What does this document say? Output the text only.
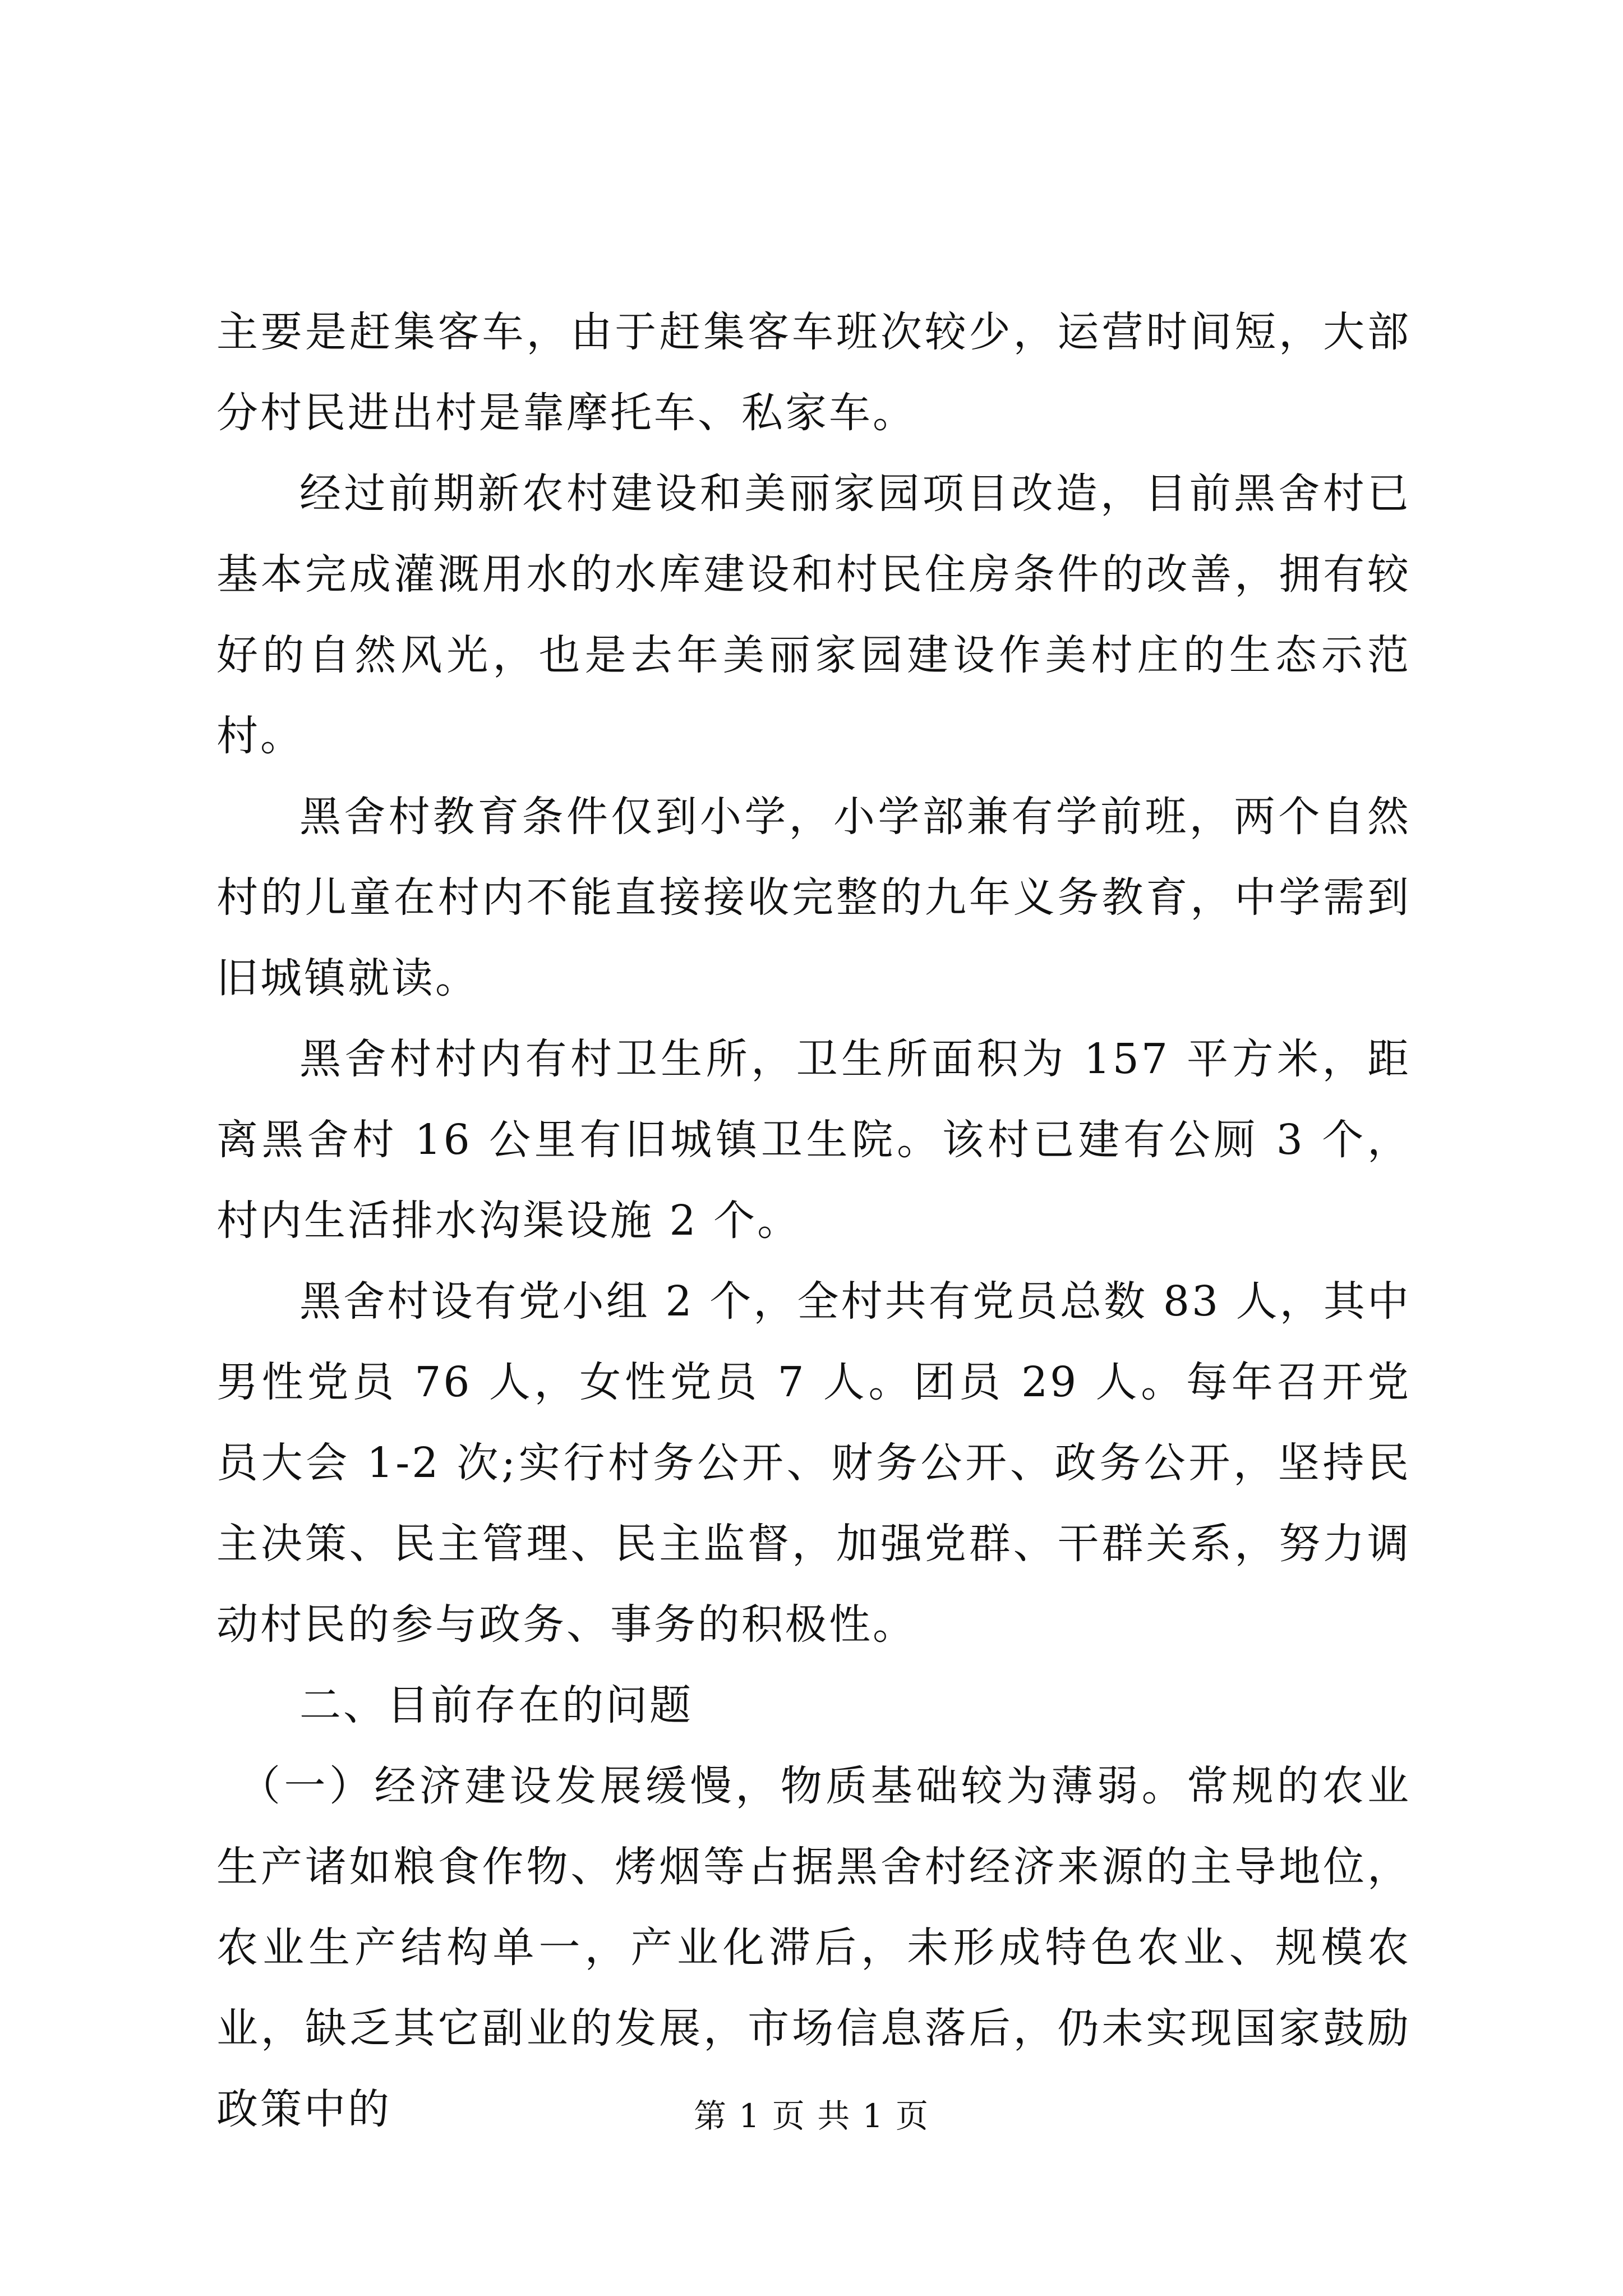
主要是赶集客车，由于赶集客车班次较少，运营时间短，大部分村民进出村是靠摩托车、私家车。

经过前期新农村建设和美丽家园项目改造，目前黑舍村已基本完成灌溉用水的水库建设和村民住房条件的改善，拥有较好的自然风光，也是去年美丽家园建设作美村庄的生态示范村。

黑舍村教育条件仅到小学，小学部兼有学前班，两个自然村的儿童在村内不能直接接收完整的九年义务教育，中学需到旧城镇就读。

黑舍村村内有村卫生所，卫生所面积为 157 平方米，距离黑舍村 16 公里有旧城镇卫生院。该村已建有公厕 3 个，村内生活排水沟渠设施 2 个。

黑舍村设有党小组 2 个，全村共有党员总数 83 人，其中男性党员 76 人，女性党员 7 人。团员 29 人。每年召开党员大会 1-2 次;实行村务公开、财务公开、政务公开，坚持民主决策、民主管理、民主监督，加强党群、干群关系，努力调动村民的参与政务、事务的积极性。

二、目前存在的问题

（一）经济建设发展缓慢，物质基础较为薄弱。常规的农业生产诸如粮食作物、烤烟等占据黑舍村经济来源的主导地位，农业生产结构单一，产业化滞后，未形成特色农业、规模农业，缺乏其它副业的发展，市场信息落后，仍未实现国家鼓励政策中的	第 1 页 共 1 页
